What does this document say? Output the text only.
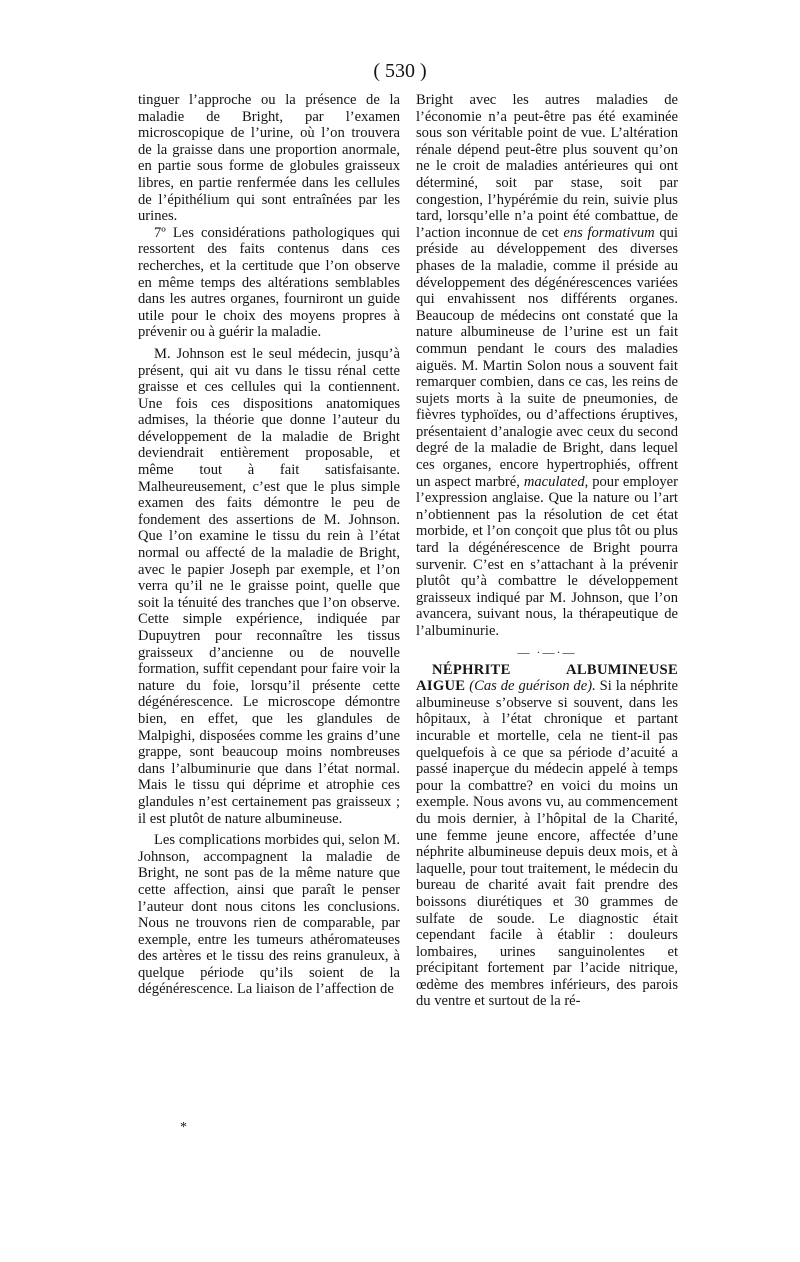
( 530 )

tinguer l’approche ou la présence de la maladie de Bright, par l’examen microscopique de l’urine, où l’on trouvera de la graisse dans une proportion anormale, en partie sous forme de globules graisseux libres, en partie renfermée dans les cellules de l’épithélium qui sont entraînées par les urines.

7º Les considérations pathologiques qui ressortent des faits contenus dans ces recherches, et la certitude que l’on observe en même temps des altérations semblables dans les autres organes, fourniront un guide utile pour le choix des moyens propres à prévenir ou à guérir la maladie.

M. Johnson est le seul médecin, jusqu’à présent, qui ait vu dans le tissu rénal cette graisse et ces cellules qui la contiennent. Une fois ces dispositions anatomiques admises, la théorie que donne l’auteur du développement de la maladie de Bright deviendrait entièrement proposable, et même tout à fait satisfaisante. Malheureusement, c’est que le plus simple examen des faits démontre le peu de fondement des assertions de M. Johnson. Que l’on examine le tissu du rein à l’état normal ou affecté de la maladie de Bright, avec le papier Joseph par exemple, et l’on verra qu’il ne le graisse point, quelle que soit la ténuité des tranches que l’on observe. Cette simple expérience, indiquée par Dupuytren pour reconnaître les tissus graisseux d’ancienne ou de nouvelle formation, suffit cependant pour faire voir la nature du foie, lorsqu’il présente cette dégénérescence. Le microscope démontre bien, en effet, que les glandules de Malpighi, disposées comme les grains d’une grappe, sont beaucoup moins nombreuses dans l’albuminurie que dans l’état normal. Mais le tissu qui déprime et atrophie ces glandules n’est certainement pas graisseux ; il est plutôt de nature albumineuse.

Les complications morbides qui, selon M. Johnson, accompagnent la maladie de Bright, ne sont pas de la même nature que cette affection, ainsi que paraît le penser l’auteur dont nous citons les conclusions. Nous ne trouvons rien de comparable, par exemple, entre les tumeurs athéromateuses des artères et le tissu des reins granuleux, à quelque période qu’ils soient de la dégénérescence. La liaison de l’affection de

Bright avec les autres maladies de l’économie n’a peut-être pas été examinée sous son véritable point de vue. L’altération rénale dépend peut-être plus souvent qu’on ne le croit de maladies antérieures qui ont déterminé, soit par stase, soit par congestion, l’hypérémie du rein, suivie plus tard, lorsqu’elle n’a point été combattue, de l’action inconnue de cet ens formativum qui préside au développement des diverses phases de la maladie, comme il préside au développement des dégénérescences variées qui envahissent nos différents organes. Beaucoup de médecins ont constaté que la nature albumineuse de l’urine est un fait commun pendant le cours des maladies aiguës. M. Martin Solon nous a souvent fait remarquer combien, dans ce cas, les reins de sujets morts à la suite de pneumonies, de fièvres typhoïdes, ou d’affections éruptives, présentaient d’analogie avec ceux du second degré de la maladie de Bright, dans lequel ces organes, encore hypertrophiés, offrent un aspect marbré, maculated, pour employer l’expression anglaise. Que la nature ou l’art n’obtiennent pas la résolution de cet état morbide, et l’on conçoit que plus tôt ou plus tard la dégénérescence de Bright pourra survenir. C’est en s’attachant à la prévenir plutôt qu’à combattre le développement graisseux indiqué par M. Johnson, que l’on avancera, suivant nous, la thérapeutique de l’albuminurie.

— ·—·—

NÉPHRITE ALBUMINEUSE AIGUE (Cas de guérison de). Si la néphrite albumineuse s’observe si souvent, dans les hôpitaux, à l’état chronique et partant incurable et mortelle, cela ne tient-il pas quelquefois à ce que sa période d’acuité a passé inaperçue du médecin appelé à temps pour la combattre? en voici du moins un exemple. Nous avons vu, au commencement du mois dernier, à l’hôpital de la Charité, une femme jeune encore, affectée d’une néphrite albumineuse depuis deux mois, et à laquelle, pour tout traitement, le médecin du bureau de charité avait fait prendre des boissons diurétiques et 30 grammes de sulfate de soude. Le diagnostic était cependant facile à établir : douleurs lombaires, urines sanguinolentes et précipitant fortement par l’acide nitrique, œdème des membres inférieurs, des parois du ventre et surtout de la ré-

*
